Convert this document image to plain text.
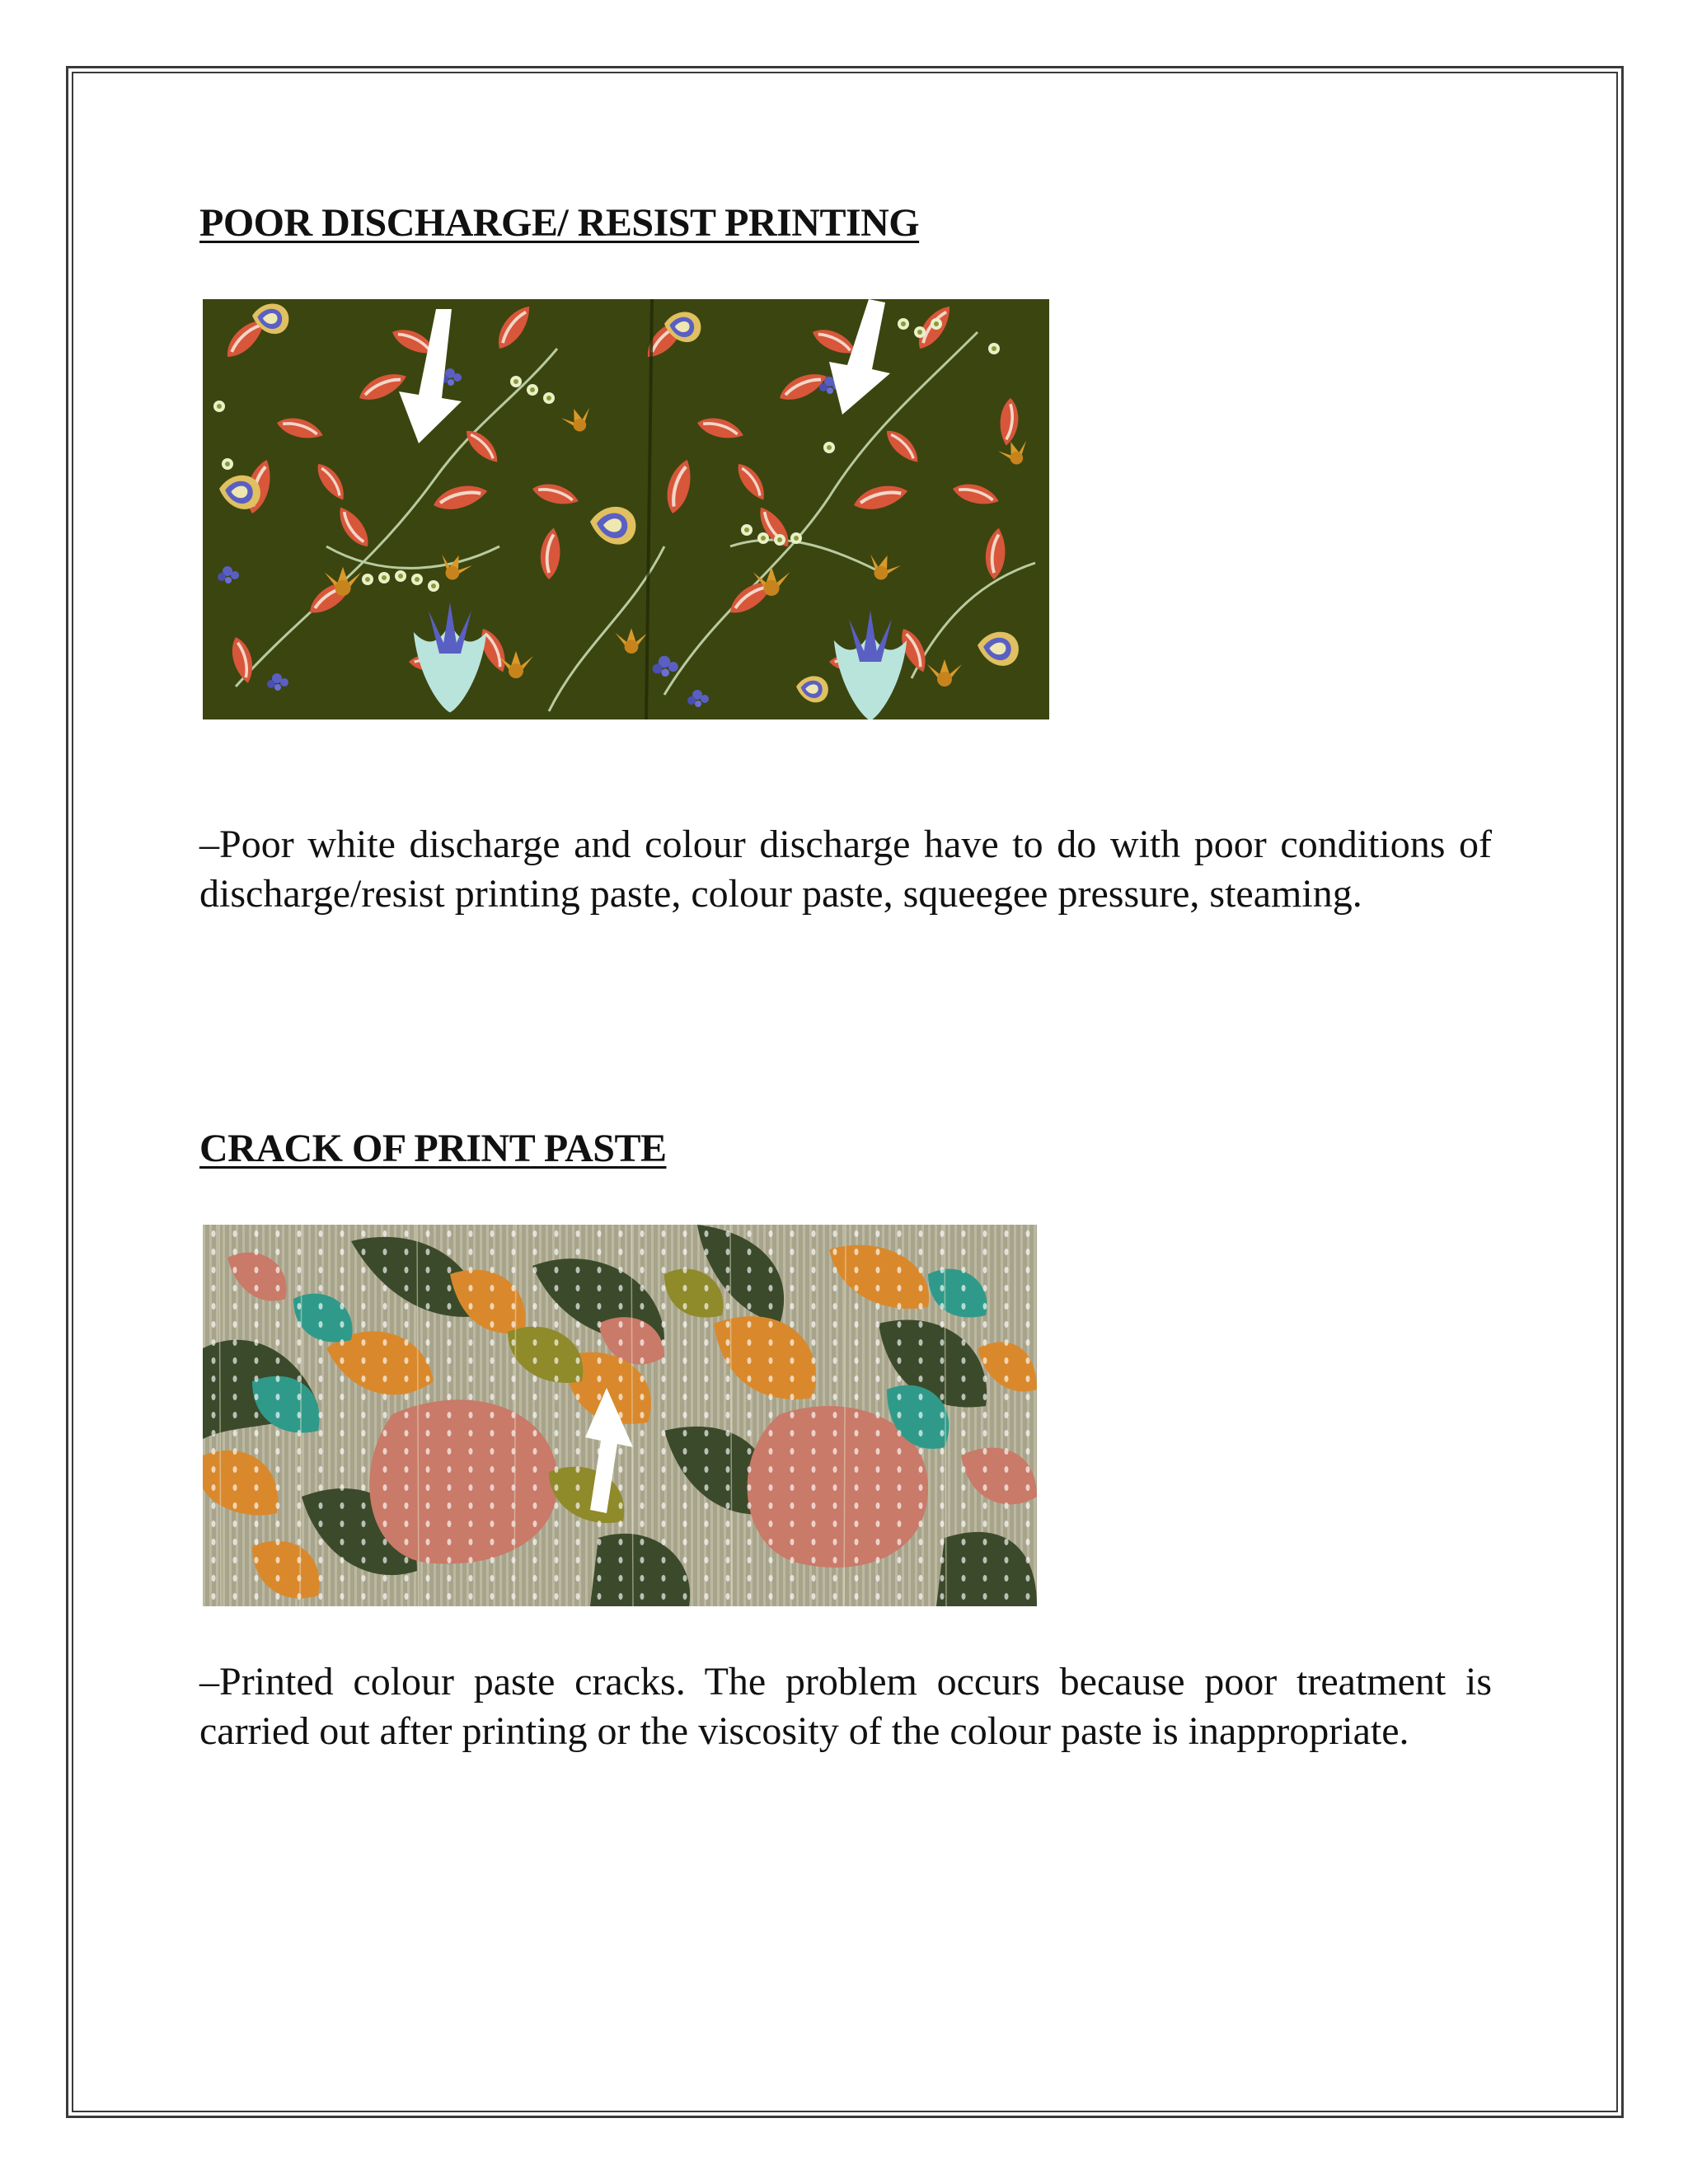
POOR DISCHARGE/ RESIST PRINTING

–Poor white discharge and colour discharge have to do with poor conditions of discharge/resist printing paste, colour paste, squeegee pressure, steaming.

CRACK OF PRINT PASTE

–Printed colour paste cracks. The problem occurs because poor treatment is carried out after printing or the viscosity of the colour paste is inappropriate.
